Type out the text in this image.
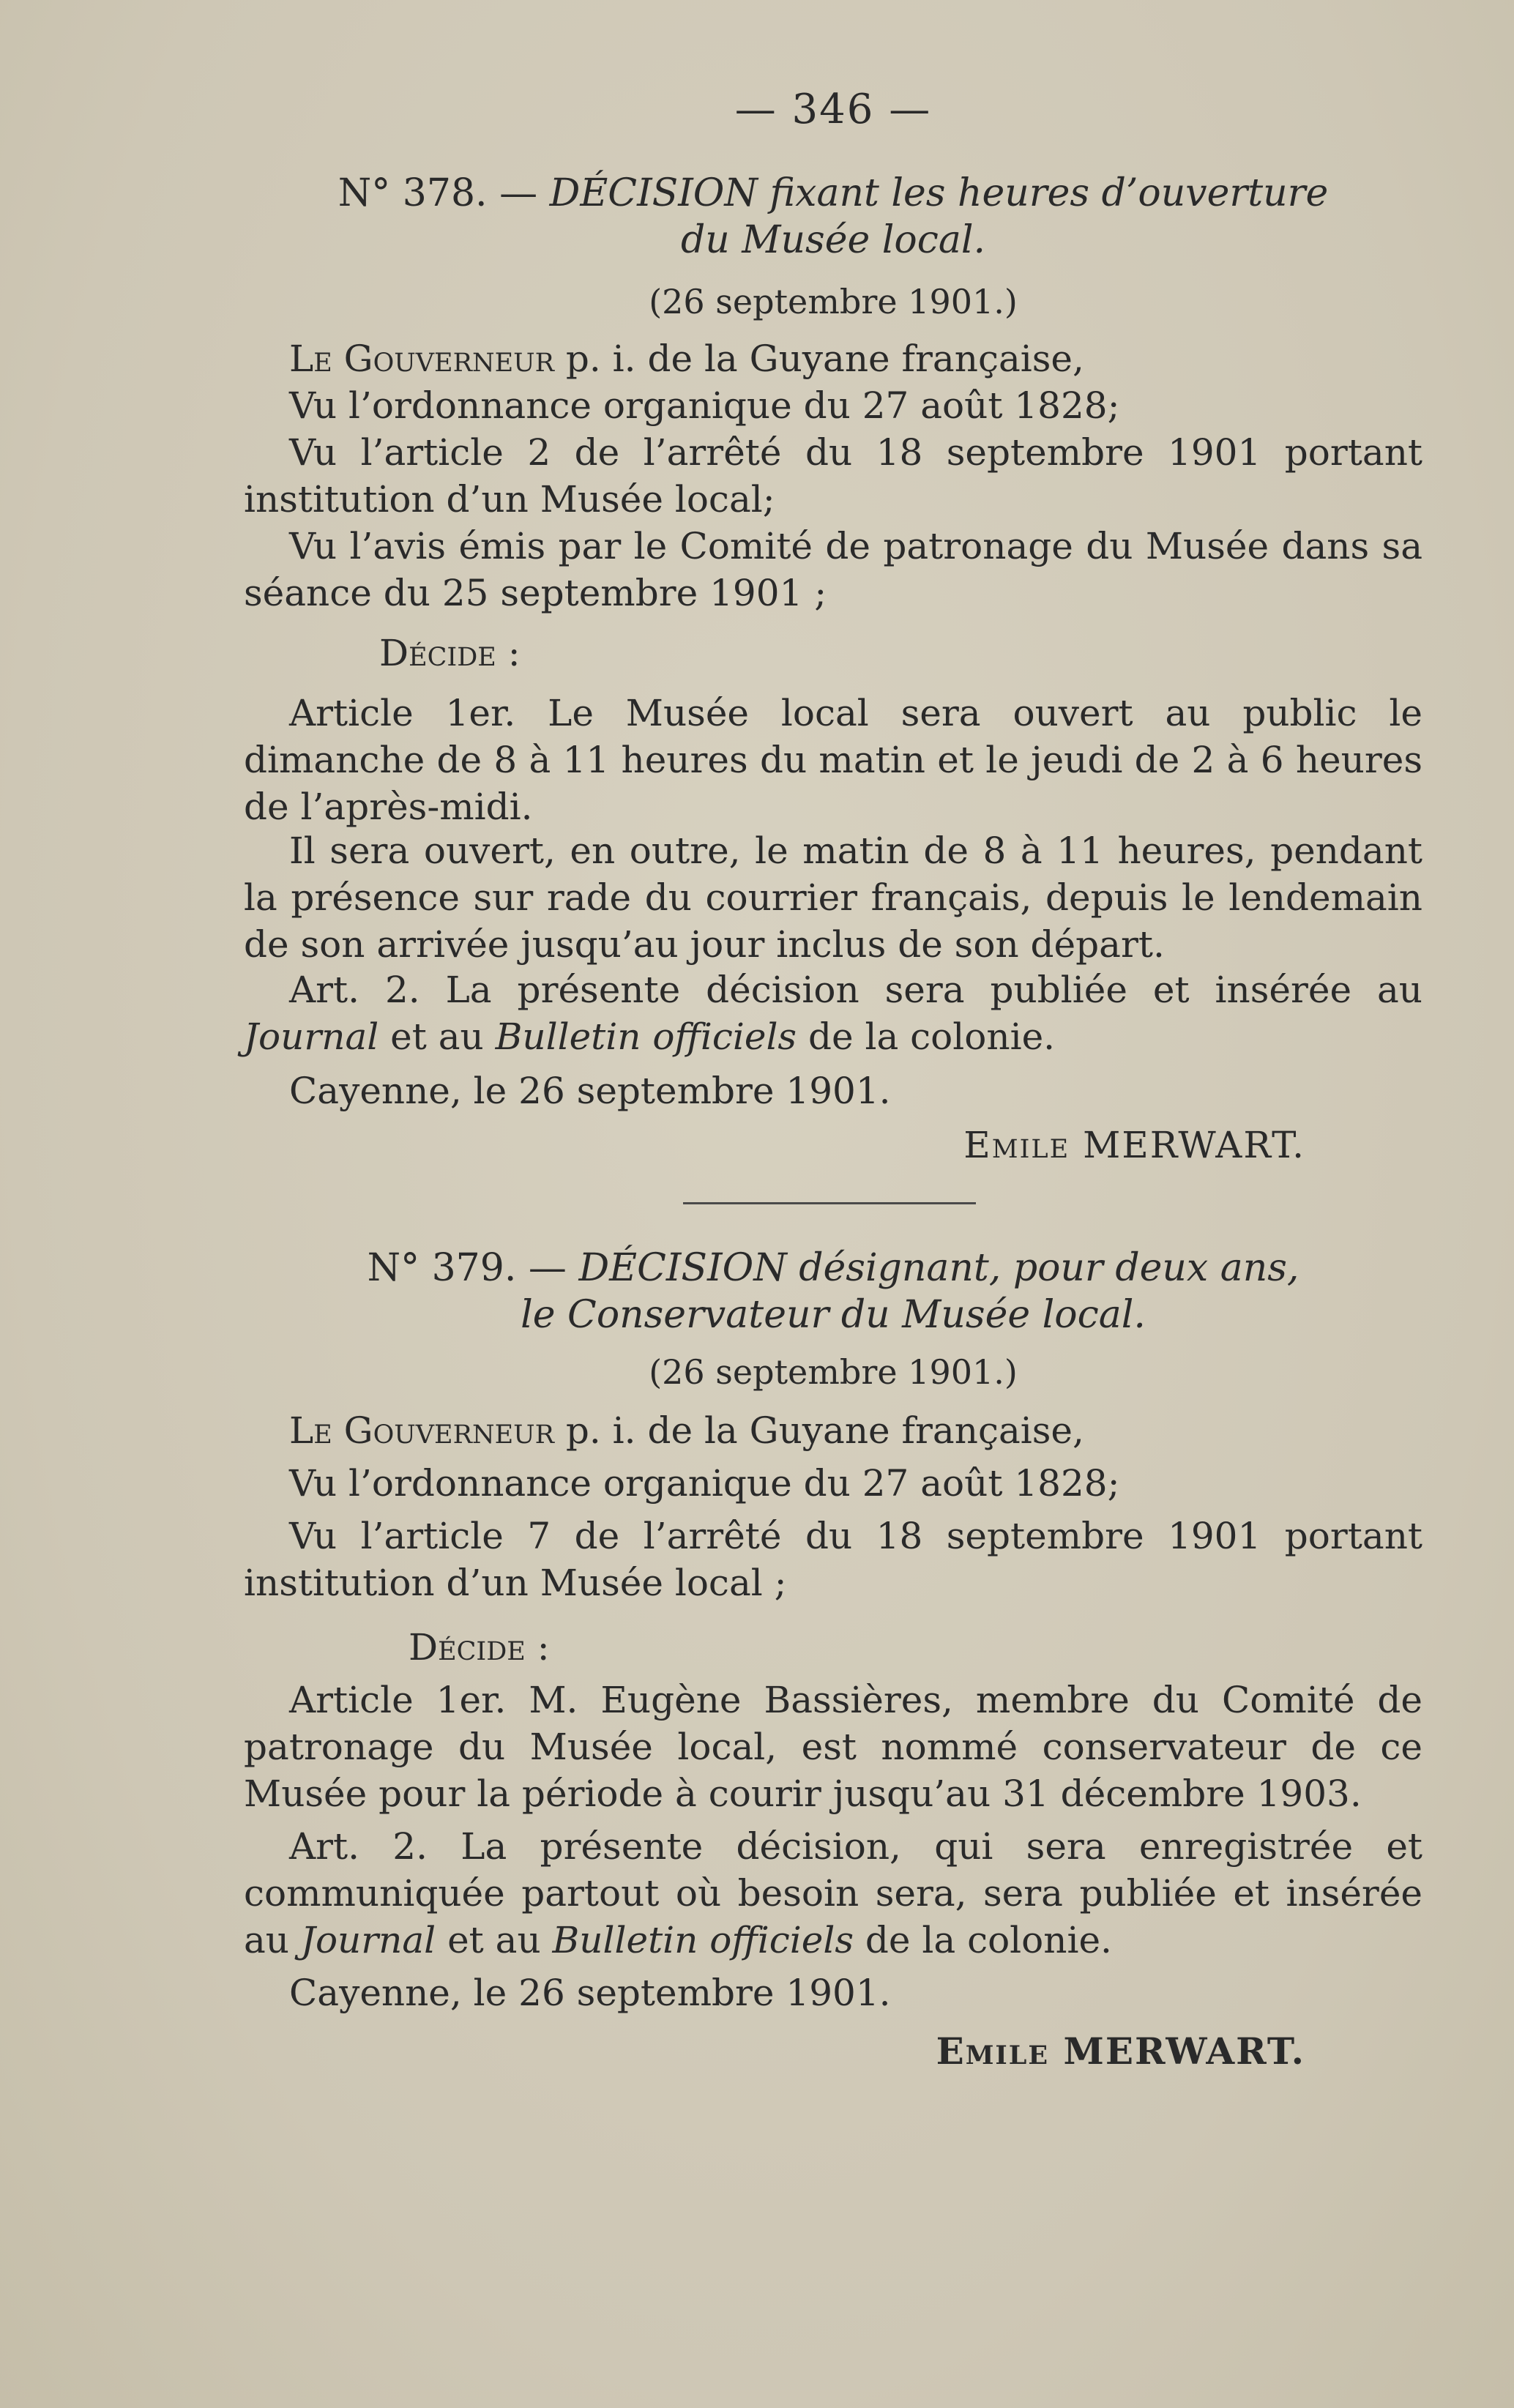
— 346 —
N° 378. — DÉCISION fixant les heures d’ouverture
du Musée local.
(26 septembre 1901.)
Le Gouverneur p. i. de la Guyane française,
Vu l’ordonnance organique du 27 août 1828;
Vu l’article 2 de l’arrêté du 18 septembre 1901 portant institution d’un Musée local;
Vu l’avis émis par le Comité de patronage du Musée dans sa séance du 25 septembre 1901 ;
Décide :
Article 1er. Le Musée local sera ouvert au public le dimanche de 8 à 11 heures du matin et le jeudi de 2 à 6 heures de l’après-midi.
Il sera ouvert, en outre, le matin de 8 à 11 heures, pendant la présence sur rade du courrier français, depuis le lendemain de son arrivée jusqu’au jour inclus de son départ.
Art. 2. La présente décision sera publiée et insérée au Journal et au Bulletin officiels de la colonie.
Cayenne, le 26 septembre 1901.
Emile MERWART.
N° 379. — DÉCISION désignant, pour deux ans,
le Conservateur du Musée local.
(26 septembre 1901.)
Le Gouverneur p. i. de la Guyane française,
Vu l’ordonnance organique du 27 août 1828;
Vu l’article 7 de l’arrêté du 18 septembre 1901 portant institution d’un Musée local ;
Décide :
Article 1er. M. Eugène Bassières, membre du Comité de patronage du Musée local, est nommé conservateur de ce Musée pour la période à courir jusqu’au 31 décembre 1903.
Art. 2. La présente décision, qui sera enregistrée et communiquée partout où besoin sera, sera publiée et insérée au Journal et au Bulletin officiels de la colonie.
Cayenne, le 26 septembre 1901.
Emile MERWART.
